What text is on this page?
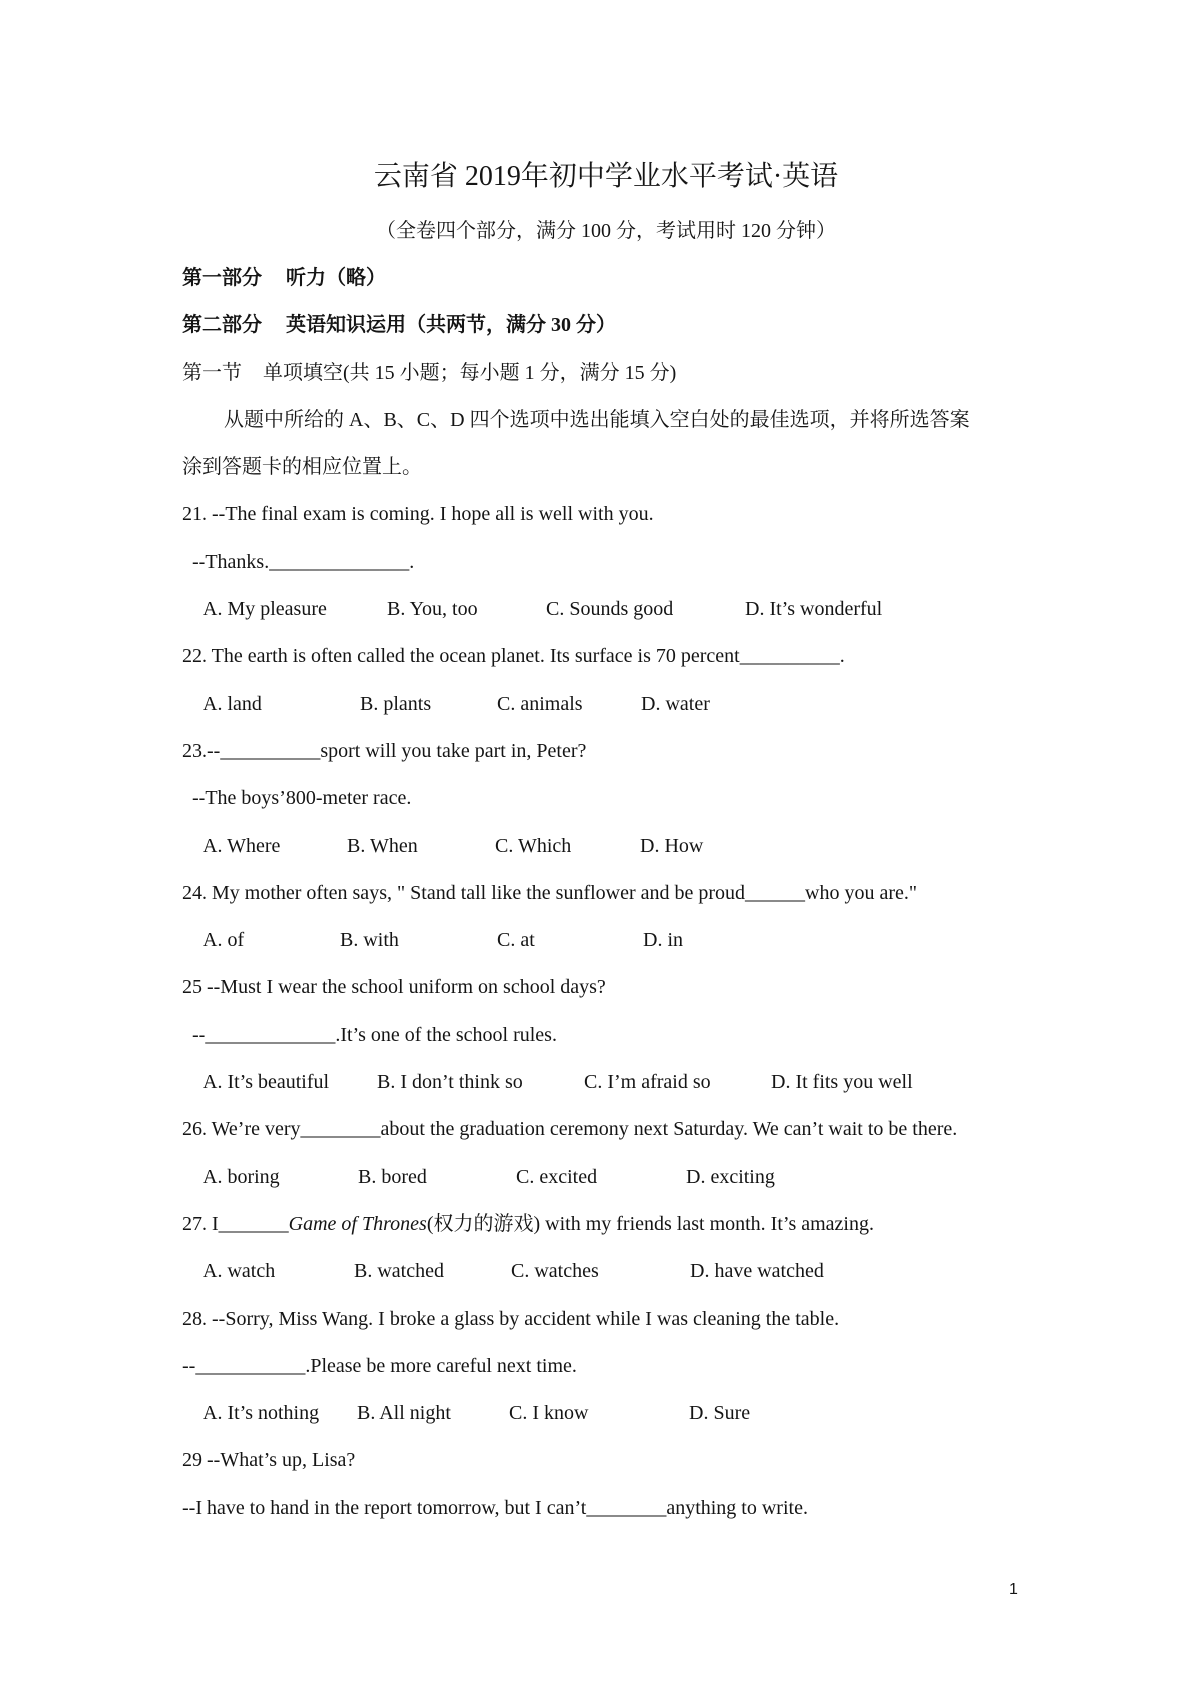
云南省 2019年初中学业水平考试·英语
（全卷四个部分，满分 100 分，考试用时 120 分钟）
第一部分 听力（略）
第二部分 英语知识运用（共两节，满分 30 分）
第一节 单项填空(共 15 小题；每小题 1 分，满分 15 分)
从题中所给的 A、B、C、D 四个选项中选出能填入空白处的最佳选项，并将所选答案
涂到答题卡的相应位置上。
21. --The final exam is coming. I hope all is well with you.
--Thanks.______________.

A. My pleasure

	B. You, too

	C. Sounds good

	D. It’s wonderful

22. The earth is often called the ocean planet. Its surface is 70 percent__________.

A. land

	B. plants

	C. animals

	D. water

23.--__________sport will you take part in, Peter?
--The boys’800-meter race.

A. Where

	B. When

	C. Which

	D. How

24. My mother often says, " Stand tall like the sunflower and be proud______who you are."

A. of

	B. with

	C. at

	D. in

25 --Must I wear the school uniform on school days?
--_____________.It’s one of the school rules.

A. It’s beautiful

B. I don’t think so

	C. I’m afraid so

	D. It fits you well

26. We’re very________about the graduation ceremony next Saturday. We can’t wait to be there.

A. boring

	B. bored

	C. excited

	D. exciting

27. I_______Game of Thrones(权力的游戏) with my friends last month. It’s amazing.

A. watch

	B. watched

	C. watches

	D. have watched

28. --Sorry, Miss Wang. I broke a glass by accident while I was cleaning the table.
--___________.Please be more careful next time.

A. It’s nothing

B. All night

	C. I know

	D. Sure

29 --What’s up, Lisa?
--I have to hand in the report tomorrow, but I can’t________anything to write.
1
